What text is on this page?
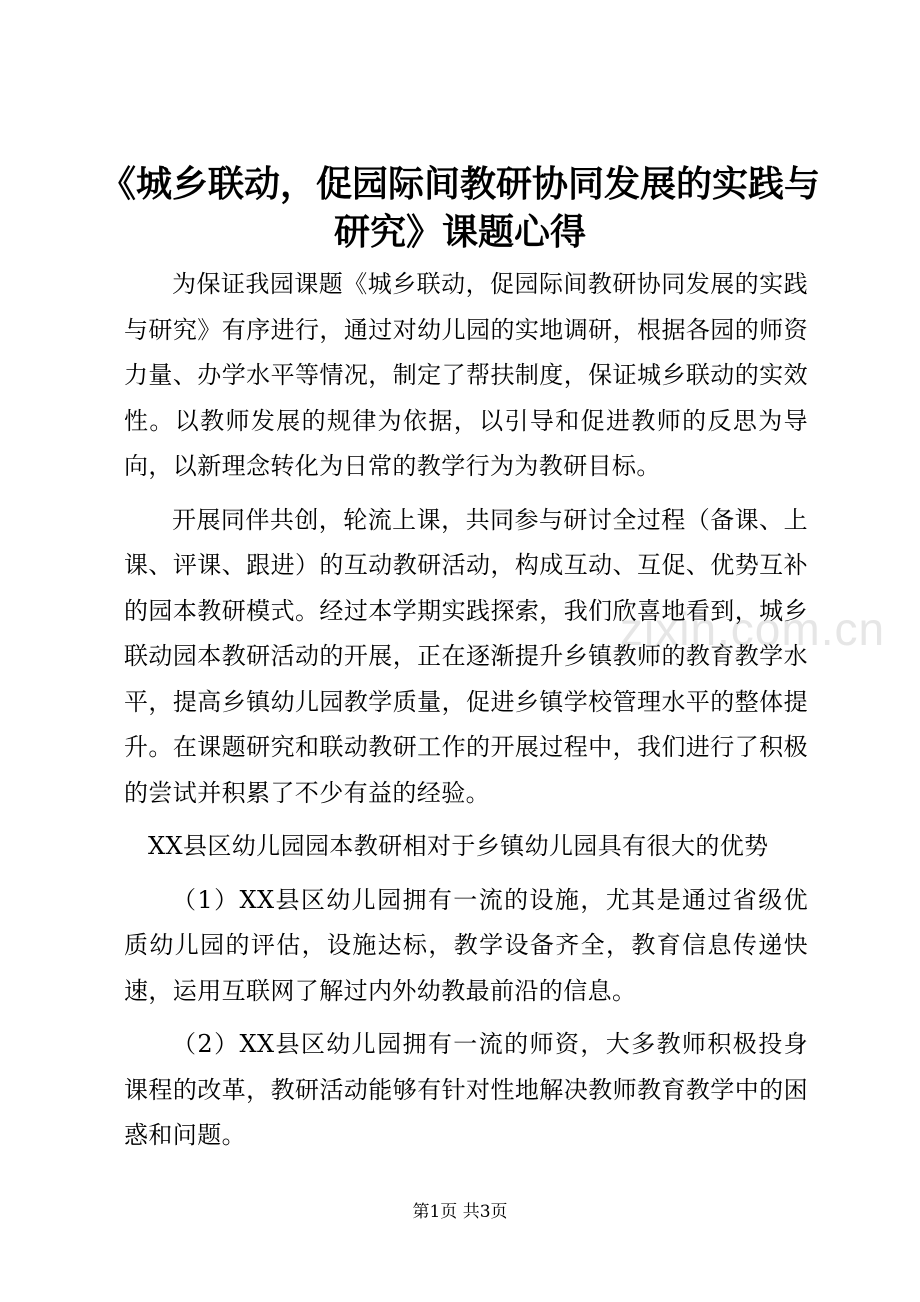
zixin.com.cn
《城乡联动，促园际间教研协同发展的实践与研究》课题心得

为保证我园课题《城乡联动，促园际间教研协同发展的实践与研究》有序进行，通过对幼儿园的实地调研，根据各园的师资力量、办学水平等情况，制定了帮扶制度，保证城乡联动的实效性。以教师发展的规律为依据，以引导和促进教师的反思为导向，以新理念转化为日常的教学行为为教研目标。

开展同伴共创，轮流上课，共同参与研讨全过程（备课、上课、评课、跟进）的互动教研活动，构成互动、互促、优势互补的园本教研模式。经过本学期实践探索，我们欣喜地看到，城乡联动园本教研活动的开展，正在逐渐提升乡镇教师的教育教学水平，提高乡镇幼儿园教学质量，促进乡镇学校管理水平的整体提升。在课题研究和联动教研工作的开展过程中，我们进行了积极的尝试并积累了不少有益的经验。

XX县区幼儿园园本教研相对于乡镇幼儿园具有很大的优势

（1）XX县区幼儿园拥有一流的设施，尤其是通过省级优质幼儿园的评估，设施达标，教学设备齐全，教育信息传递快速，运用互联网了解过内外幼教最前沿的信息。

（2）XX县区幼儿园拥有一流的师资，大多教师积极投身课程的改革，教研活动能够有针对性地解决教师教育教学中的困惑和问题。

第1页 共3页
